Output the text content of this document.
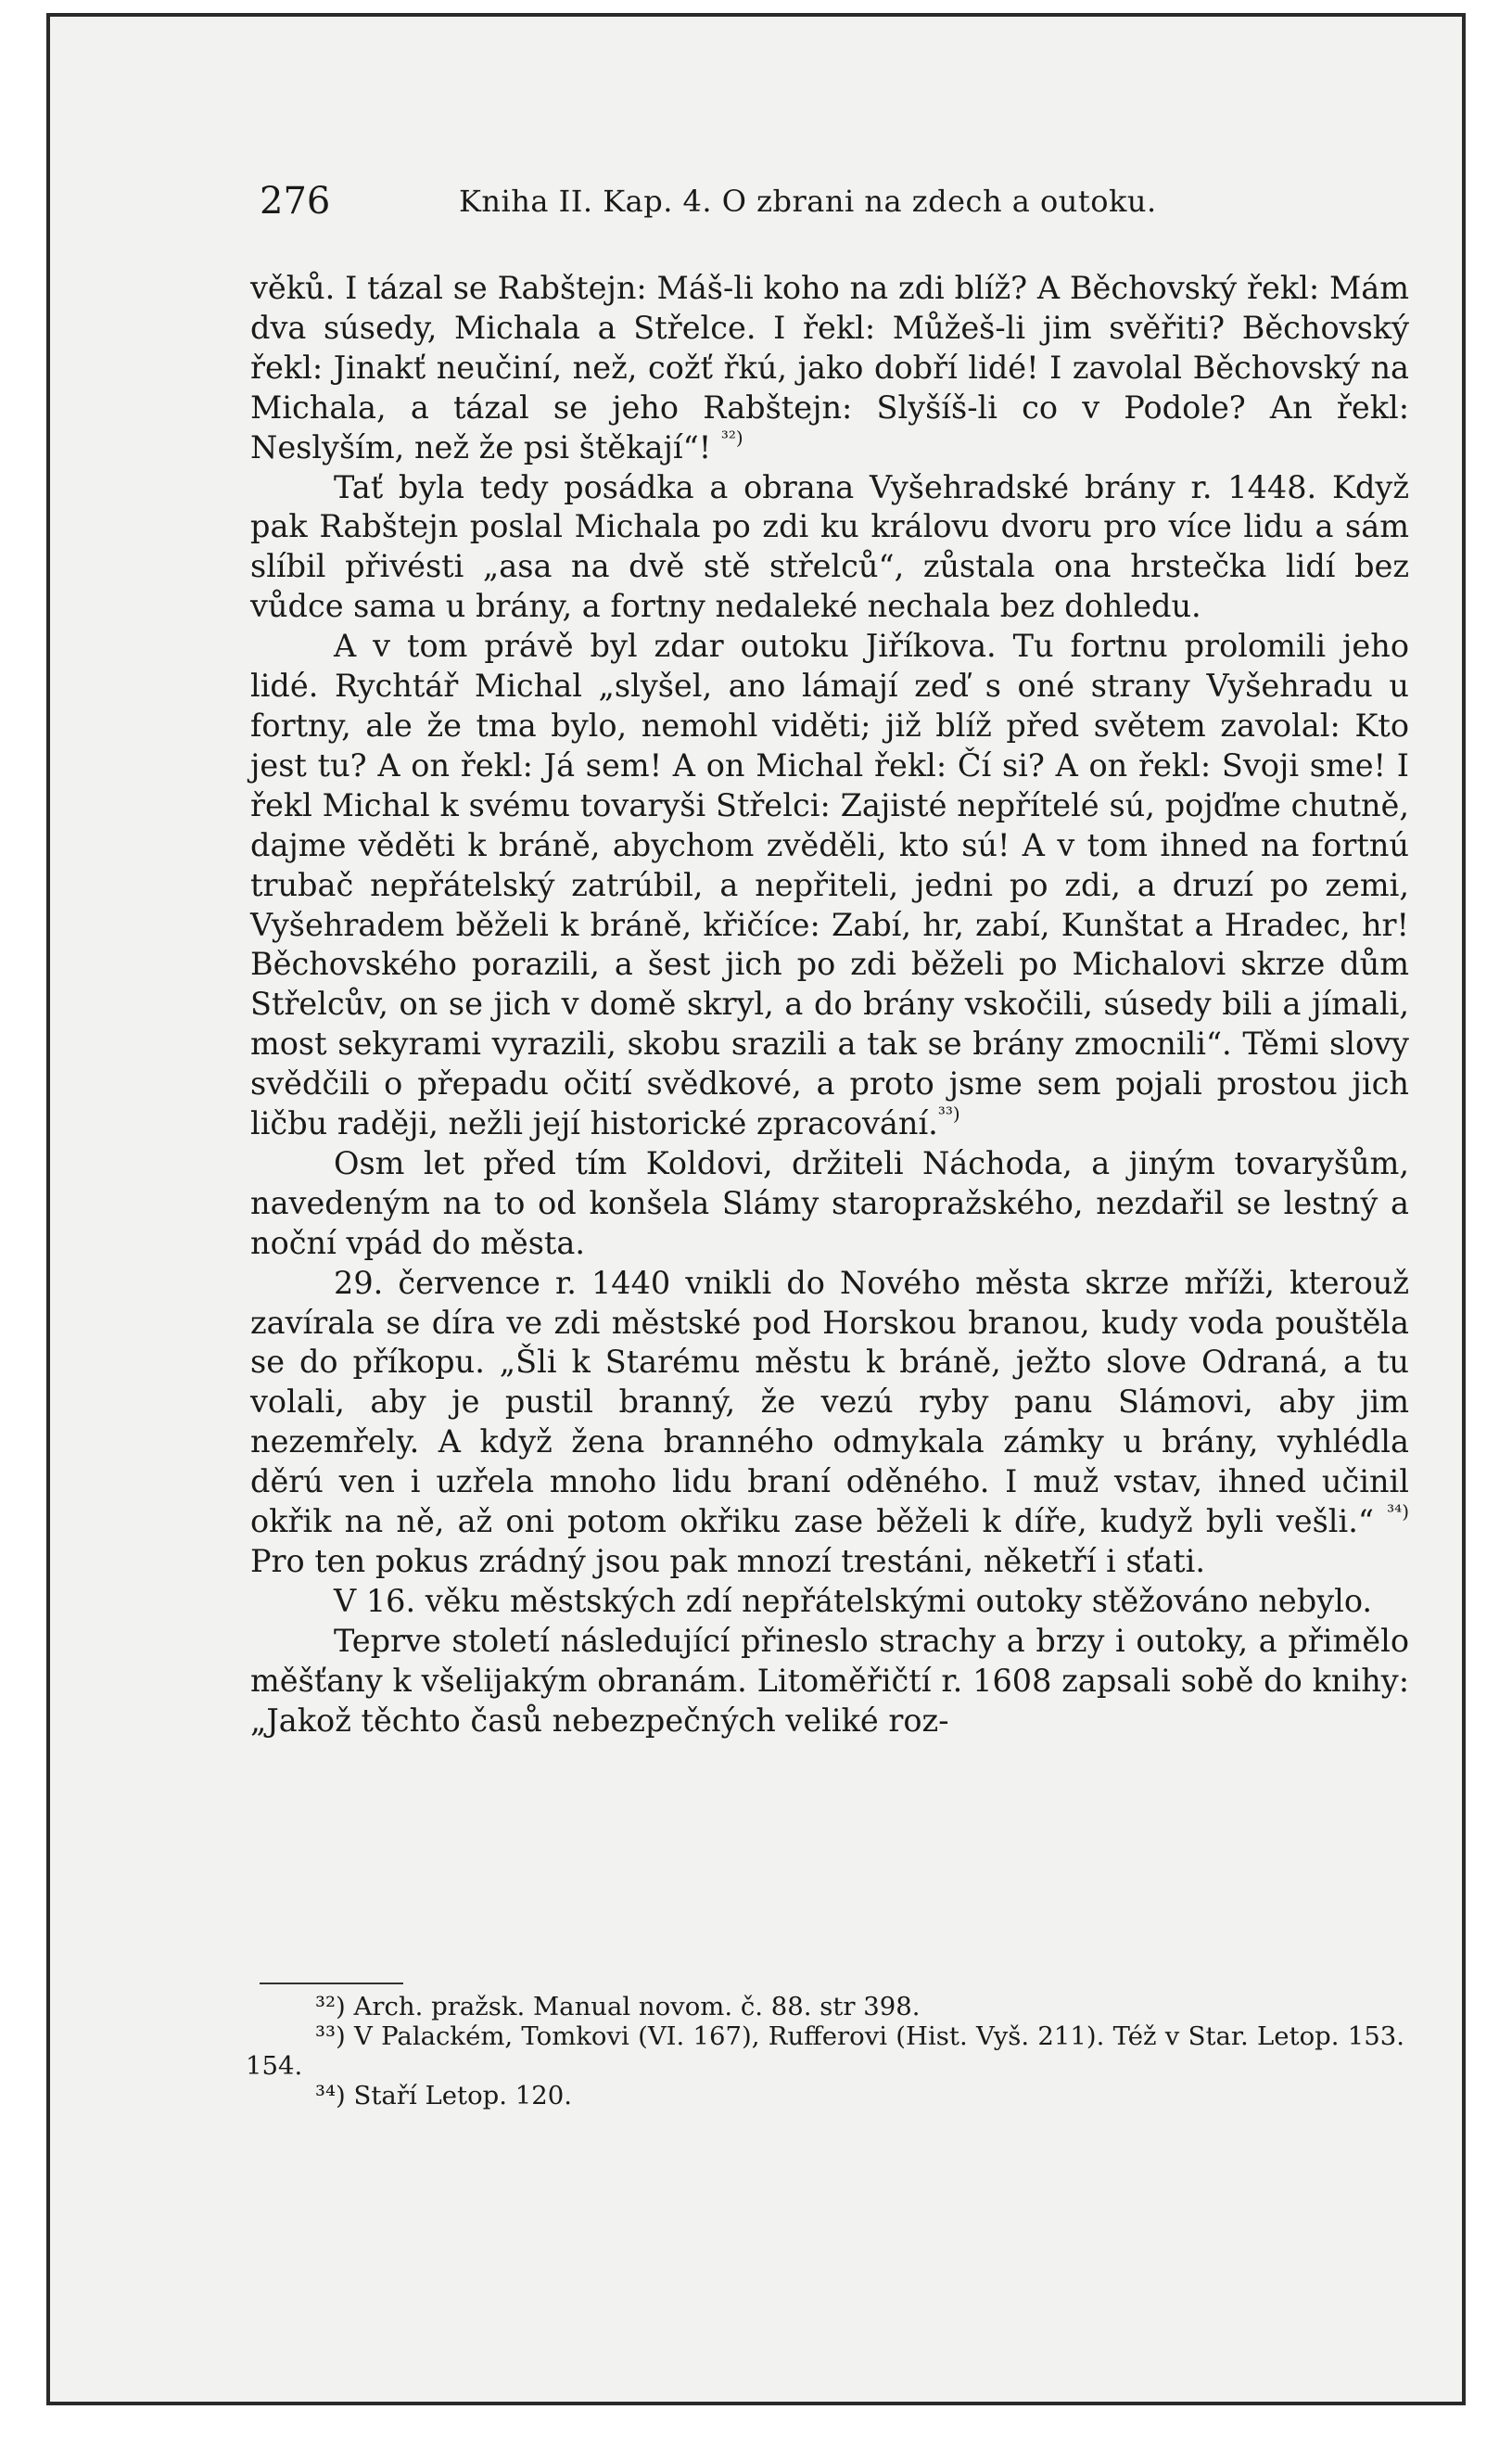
276	Kniha II. Kap. 4. O zbrani na zdech a outoku.

věků. I tázal se Rabštejn: Máš-li koho na zdi blíž? A Běchovský řekl: Mám dva súsedy, Michala a Střelce. I řekl: Můžeš-li jim svěřiti? Běchovský řekl: Jinakť neučiní, než, cožť řkú, jako dobří lidé! I zavolal Běchovský na Michala, a tázal se jeho Rabštejn: Slyšíš-li co v Podole? An řekl: Neslyším, než že psi štěkají“! $^{^{32})}$

Tať byla tedy posádka a obrana Vyšehradské brány r. 1448. Když pak Rabštejn poslal Michala po zdi ku královu dvoru pro více lidu a sám slíbil přivésti „asa na dvě stě střelců“, zůstala ona hrstečka lidí bez vůdce sama u brány, a fortny nedaleké nechala bez dohledu.

A v tom právě byl zdar outoku Jiříkova. Tu fortnu prolomili jeho lidé. Rychtář Michal „slyšel, ano lámají zeď s oné strany Vyšehradu u fortny, ale že tma bylo, nemohl viděti; již blíž před světem zavolal: Kto jest tu? A on řekl: Já sem! A on Michal řekl: Čí si? A on řekl: Svoji sme! I řekl Michal k svému tovaryši Střelci: Zajisté nepřítelé sú, pojďme chutně, dajme věděti k bráně, abychom zvěděli, kto sú! A v tom ihned na fortnú trubač nepřátelský zatrúbil, a nepřiteli, jedni po zdi, a druzí po zemi, Vyšehradem běželi k bráně, křičíce: Zabí, hr, zabí, Kunštat a Hradec, hr! Běchovského porazili, a šest jich po zdi běželi po Michalovi skrze dům Střelcův, on se jich v domě skryl, a do brány vskočili, súsedy bili a jímali, most sekyrami vyrazili, skobu srazili a tak se brány zmocnili“. Těmi slovy svědčili o přepadu očití svědkové, a proto jsme sem pojali prostou jich ličbu raději, nežli její historické zpracování.$^{^{33})}$

Osm let před tím Koldovi, držiteli Náchoda, a jiným tovaryšům, navedeným na to od konšela Slámy staropražského, nezdařil se lestný a noční vpád do města.

29. července r. 1440 vnikli do Nového města skrze mříži, kterouž zavírala se díra ve zdi městské pod Horskou branou, kudy voda pouštěla se do příkopu. „Šli k Starému městu k bráně, ježto slove Odraná, a tu volali, aby je pustil branný, že vezú ryby panu Slámovi, aby jim nezemřely. A když žena branného odmykala zámky u brány, vyhlédla děrú ven i uzřela mnoho lidu braní oděného. I muž vstav, ihned učinil okřik na ně, až oni potom okřiku zase běželi k díře, kudyž byli vešli.“ $^{^{34})}$ Pro ten pokus zrádný jsou pak mnozí trestáni, něketří i sťati.

V 16. věku městských zdí nepřátelskými outoky stěžováno nebylo.

Teprve století následující přineslo strachy a brzy i outoky, a přimělo měšťany k všelijakým obranám. Litoměřičtí r. 1608 zapsali sobě do knihy: „Jakož těchto časů nebezpečných veliké roz-

³²) Arch. pražsk. Manual novom. č. 88. str 398.

³³) V Palackém, Tomkovi (VI. 167), Rufferovi (Hist. Vyš. 211). Též v Star. Letop. 153. 154.

³⁴) Staří Letop. 120.
